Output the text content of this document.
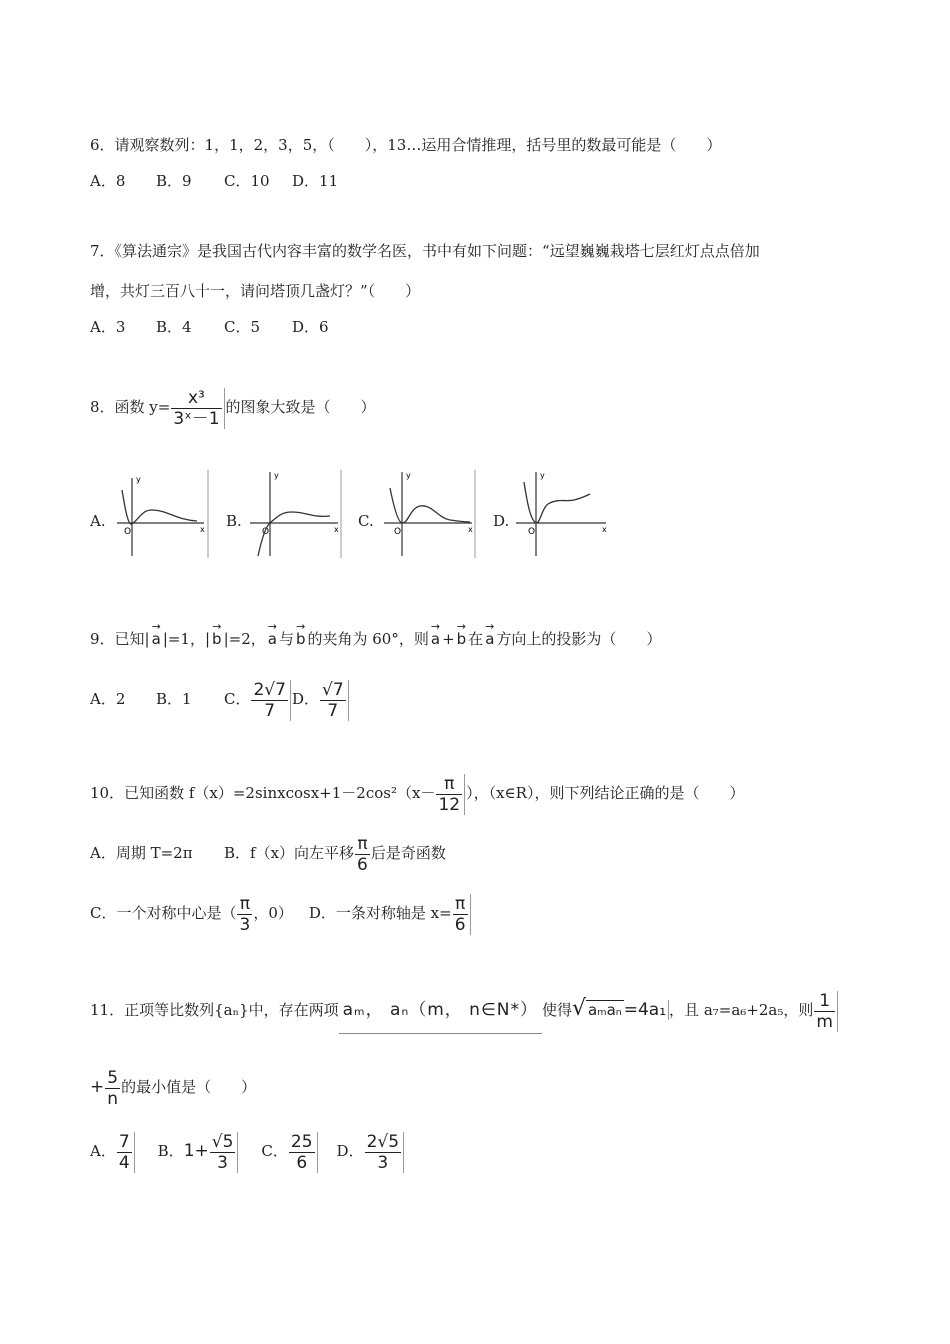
6．请观察数列：1，1，2，3，5，（　　），13…运用合情推理，括号里的数最可能是（　　）
A．8 B．9 C．10 D．11
7．《算法通宗》是我国古代内容丰富的数学名医，书中有如下问题：“远望巍巍栽塔七层红灯点点倍加
增，共灯三百八十一，请问塔顶几盏灯？”（　　）
A．3 B．4 C．5 D．6
8．函数 $y= \frac{\text{x³}}{\text{3ˣ－1}}$ 的图象大致是（　　）
A.
y
x
O
B.
y
x
O
C.
y
x
O
D.
y
x
O
9．已知|
→
a |=1，|
→
b |=2，
→
a 与
→
b 的夹角为 60°，则
→
a +
→
b 在
→
a 方向上的投影为（　　）
A．2 B．1 C． $\frac{2√7}{7}$ D． $\frac{√7}{7}$
10．已知函数 f（x）=2sinxcosx+1－2cos²（x－ $\frac{\pi}{12}$ ），（x∈R），则下列结论正确的是（　　）
A．周期 T=2π B．f（x）向左平移 $\frac{\pi}{6}$ 后是奇函数
C．一个对称中心是（ $\frac{\pi}{3}$ ，0） D．一条对称轴是 $x= \frac{\pi}{6}$
11．正项等比数列{aₙ}中，存在两项 aₘ， aₙ（m， n∈N*） 使得√ aₘaₙ =4a₁ ，且 a₇=a₆+2a₅，则 $\frac{1}{m}$
+ $\frac{5}{n}$ 的最小值是（　　）
A． $\frac{7}{4}$ B．$1+ \frac{√5}{3}$ C． $\frac{25}{6}$ D． $\frac{2√5}{3}$
